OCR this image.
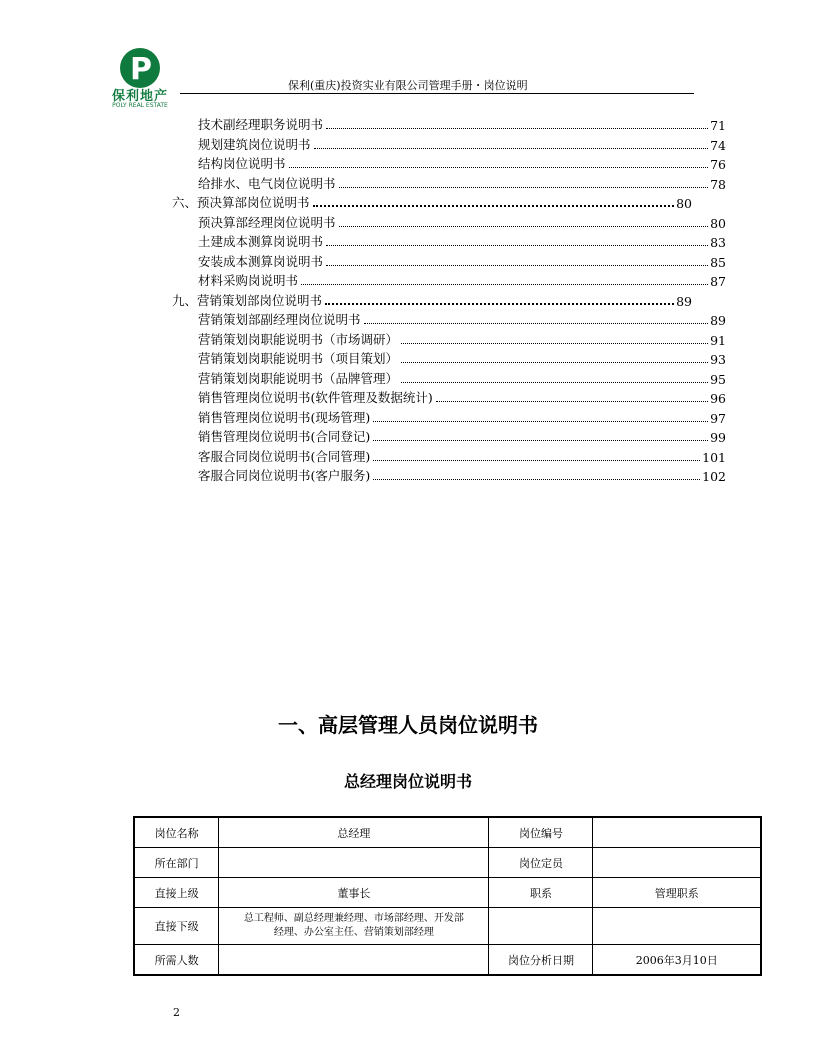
P
保利地产
POLY REAL ESTATE
保利(重庆)投资实业有限公司管理手册・岗位说明
技术副经理职务说明书	71
规划建筑岗位说明书	74
结构岗位说明书	76
给排水、电气岗位说明书	78
六、预决算部岗位说明书	80
预决算部经理岗位说明书	80
土建成本测算岗说明书	83
安装成本测算岗说明书	85
材料采购岗说明书	87
九、营销策划部岗位说明书	89
营销策划部副经理岗位说明书	89
营销策划岗职能说明书（市场调研）	91
营销策划岗职能说明书（项目策划）	93
营销策划岗职能说明书（品牌管理）	95
销售管理岗位说明书(软件管理及数据统计)	96
销售管理岗位说明书(现场管理)	97
销售管理岗位说明书(合同登记)	99
客服合同岗位说明书(合同管理)	101
客服合同岗位说明书(客户服务)	102
一、高层管理人员岗位说明书
总经理岗位说明书
岗位名称	总经理	岗位编号	
所在部门		岗位定员	
直接上级	董事长	职系	管理职系
直接下级	总工程师、副总经理兼经理、市场部经理、开发部
经理、办公室主任、营销策划部经理		

所需人数		岗位分析日期	2006年3月10日
2
